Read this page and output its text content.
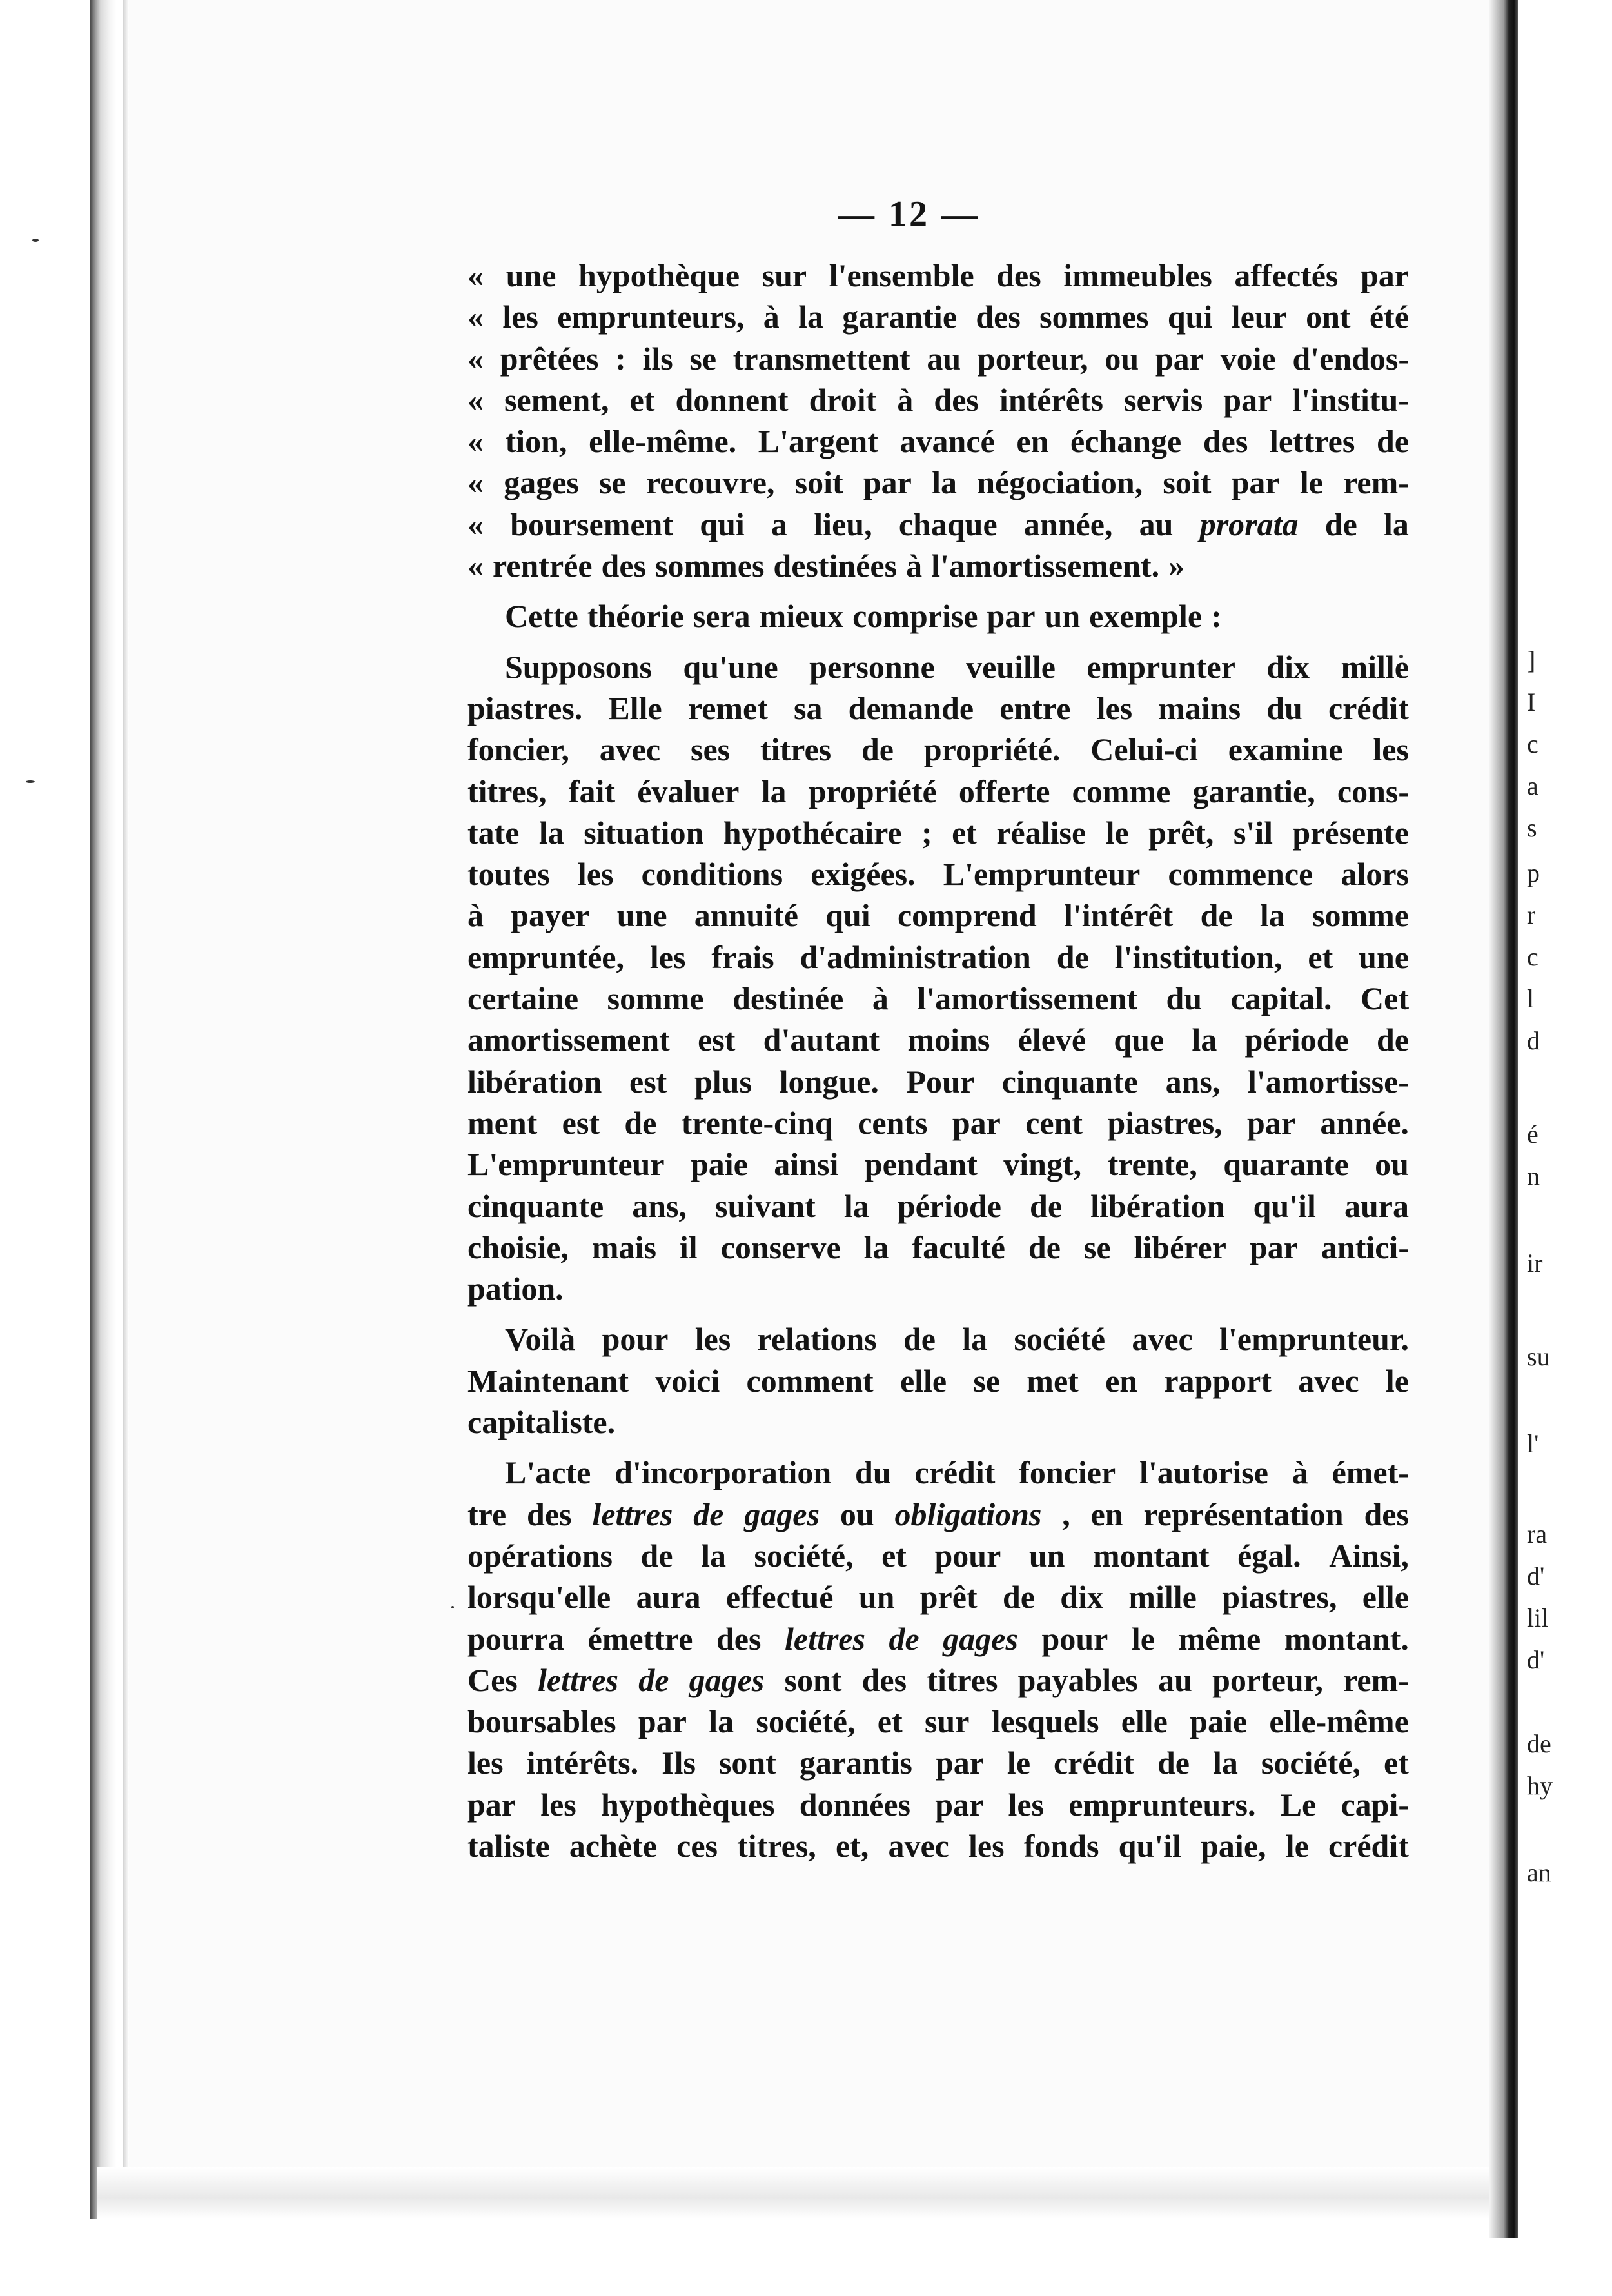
]
I
c
a
s
p
r
c
l
d
é
n
ir
su
l'
ra
d'
lil
d'
de
hy
an
— 12 —
« une hypothèque sur l'ensemble des immeubles affectés par
« les emprunteurs, à la garantie des sommes qui leur ont été
« prêtées : ils se transmettent au porteur, ou par voie d'endos-
« sement, et donnent droit à des intérêts servis par l'institu-
« tion, elle-même. L'argent avancé en échange des lettres de
« gages se recouvre, soit par la négociation, soit par le rem-
« boursement qui a lieu, chaque année, au prorata de la
« rentrée des sommes destinées à l'amortissement. »
Cette théorie sera mieux comprise par un exemple :
Supposons qu'une personne veuille emprunter dix mille
piastres. Elle remet sa demande entre les mains du crédit
foncier, avec ses titres de propriété. Celui-ci examine les
titres, fait évaluer la propriété offerte comme garantie, cons-
tate la situation hypothécaire ; et réalise le prêt, s'il présente
toutes les conditions exigées. L'emprunteur commence alors
à payer une annuité qui comprend l'intérêt de la somme
empruntée, les frais d'administration de l'institution, et une
certaine somme destinée à l'amortissement du capital. Cet
amortissement est d'autant moins élevé que la période de
libération est plus longue. Pour cinquante ans, l'amortisse-
ment est de trente-cinq cents par cent piastres, par année.
L'emprunteur paie ainsi pendant vingt, trente, quarante ou
cinquante ans, suivant la période de libération qu'il aura
choisie, mais il conserve la faculté de se libérer par antici-
pation.
Voilà pour les relations de la société avec l'emprunteur.
Maintenant voici comment elle se met en rapport avec le
capitaliste.
L'acte d'incorporation du crédit foncier l'autorise à émet-
tre des lettres de gages ou obligations , en représentation des
opérations de la société, et pour un montant égal. Ainsi,
lorsqu'elle aura effectué un prêt de dix mille piastres, elle
pourra émettre des lettres de gages pour le même montant.
Ces lettres de gages sont des titres payables au porteur, rem-
boursables par la société, et sur lesquels elle paie elle-même
les intérêts. Ils sont garantis par le crédit de la société, et
par les hypothèques données par les emprunteurs. Le capi-
taliste achète ces titres, et, avec les fonds qu'il paie, le crédit
